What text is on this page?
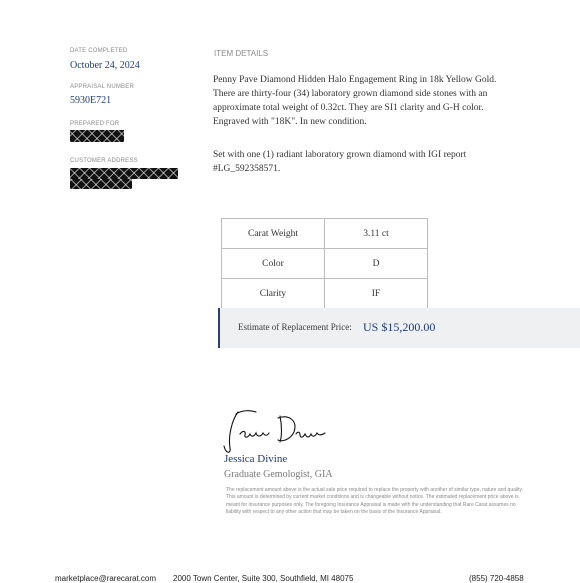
DATE COMPLETED
October 24, 2024
APPRAISAL NUMBER
5930E721
PREPARED FOR
CUSTOMER ADDRESS
ITEM DETAILS
Penny Pave Diamond Hidden Halo Engagement Ring in 18k Yellow Gold. There are thirty-four (34) laboratory grown diamond side stones with an approximate total weight of 0.32ct. They are SI1 clarity and G-H color. Engraved with "18K". In new condition.
Set with one (1) radiant laboratory grown diamond with IGI report #LG_592358571.
Carat Weight	3.11 ct
Color	D
Clarity	IF
Estimate of Replacement Price: US $15,200.00
Jessica Divine
Graduate Gemologist, GIA
The replacement amount above is the actual sale price required to replace the property with another of similar type, nature and quality. This amount is determined by current market conditions and is changeable without notice. The estimated replacement price above is meant for insurance purposes only. The foregoing Insurance Appraisal is made with the understanding that Rare Carat assumes no liability with respect to any other action that may be taken on the basis of the Insurance Appraisal.
marketplace@rarecarat.com 2000 Town Center, Suite 300, Southfield, MI 48075	(855) 720-4858
